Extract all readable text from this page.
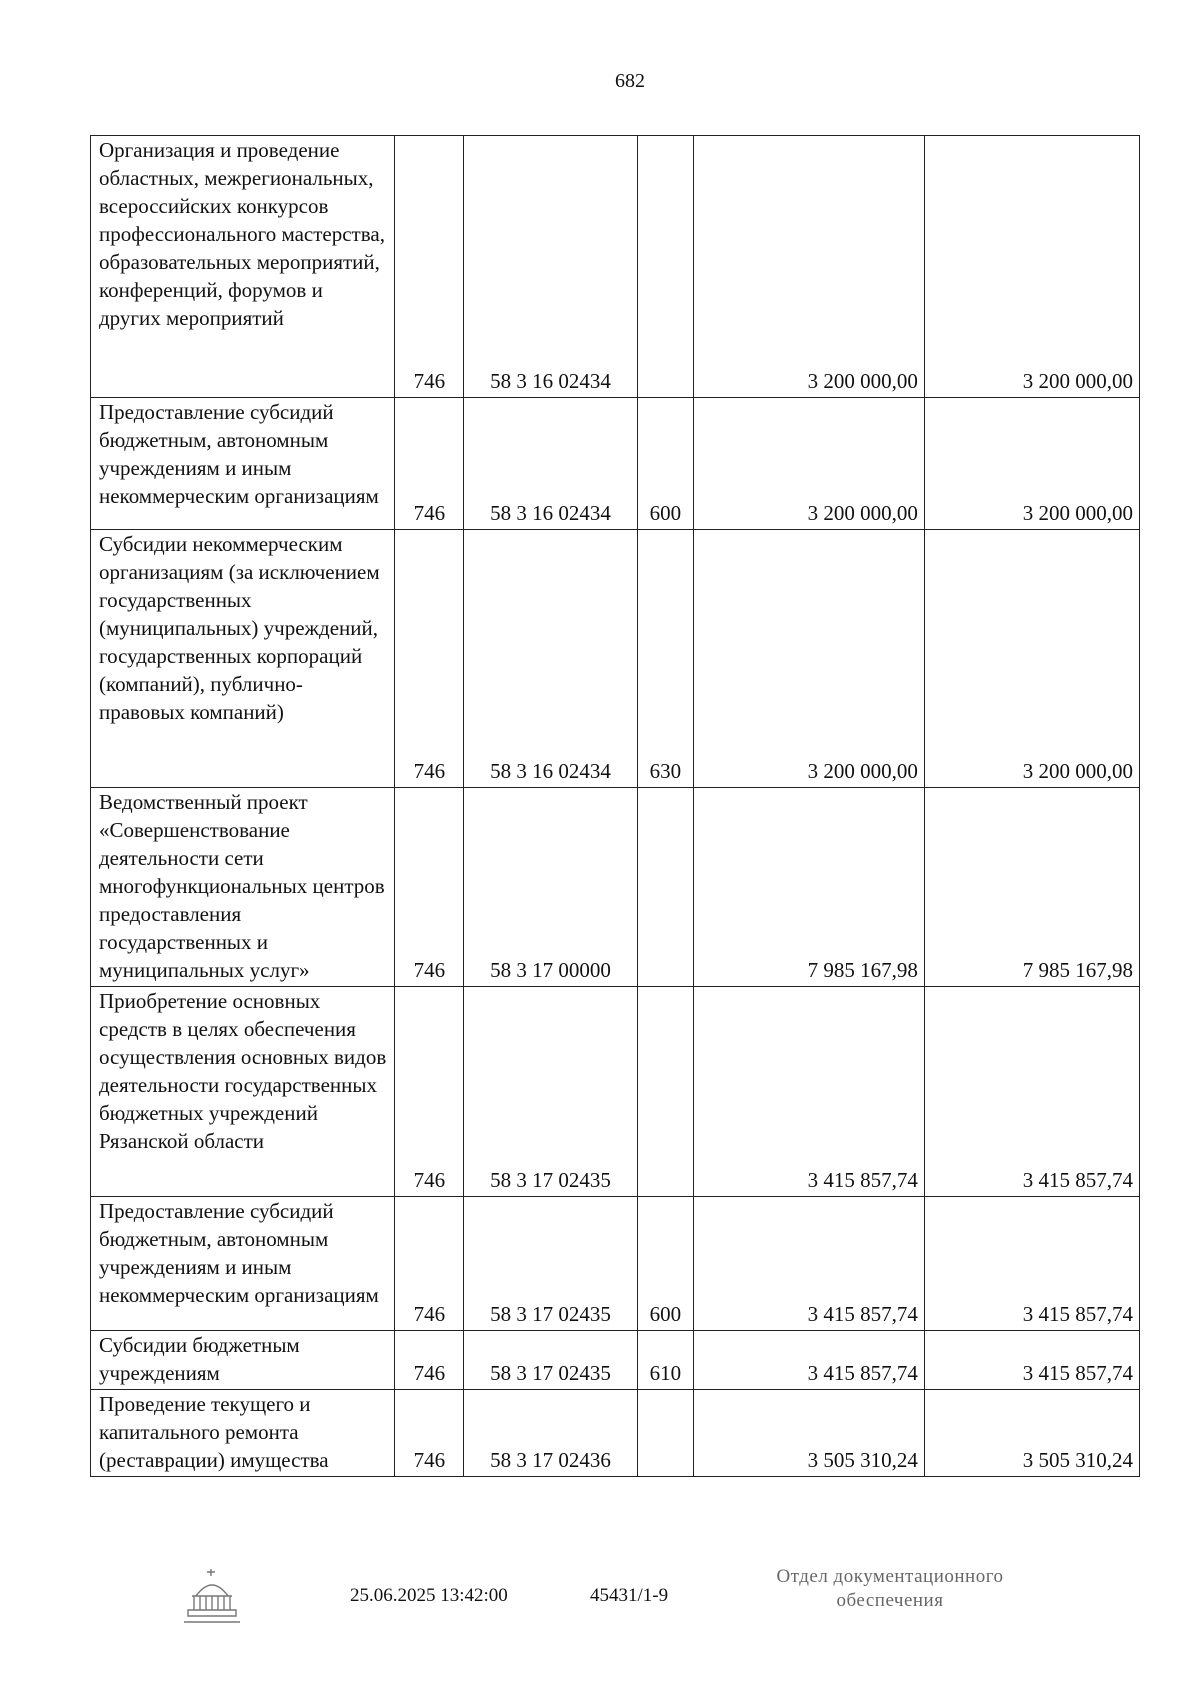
682
Организация и проведение областных, межрегиональных, всероссийских конкурсов профессионального мастерства, образовательных мероприятий, конференций, форумов и других мероприятий	746	58 3 16 02434		3 200 000,00	3 200 000,00
Предоставление субсидий бюджетным, автономным учреждениям и иным некоммерческим организациям	746	58 3 16 02434	600	3 200 000,00	3 200 000,00
Субсидии некоммерческим организациям (за исключением государственных (муниципальных) учреждений, государственных корпораций (компаний), публично-правовых компаний)	746	58 3 16 02434	630	3 200 000,00	3 200 000,00
Ведомственный проект «Совершенствование деятельности сети многофункциональных центров предоставления государственных и муниципальных услуг»	746	58 3 17 00000		7 985 167,98	7 985 167,98
Приобретение основных средств в целях обеспечения осуществления основных видов деятельности государственных бюджетных учреждений Рязанской области	746	58 3 17 02435		3 415 857,74	3 415 857,74
Предоставление субсидий бюджетным, автономным учреждениям и иным некоммерческим организациям	746	58 3 17 02435	600	3 415 857,74	3 415 857,74
Субсидии бюджетным учреждениям	746	58 3 17 02435	610	3 415 857,74	3 415 857,74
Проведение текущего и капитального ремонта (реставрации) имущества	746	58 3 17 02436		3 505 310,24	3 505 310,24
25.06.2025 13:42:00	45431/1-9
Отдел документационного
обеспечения
